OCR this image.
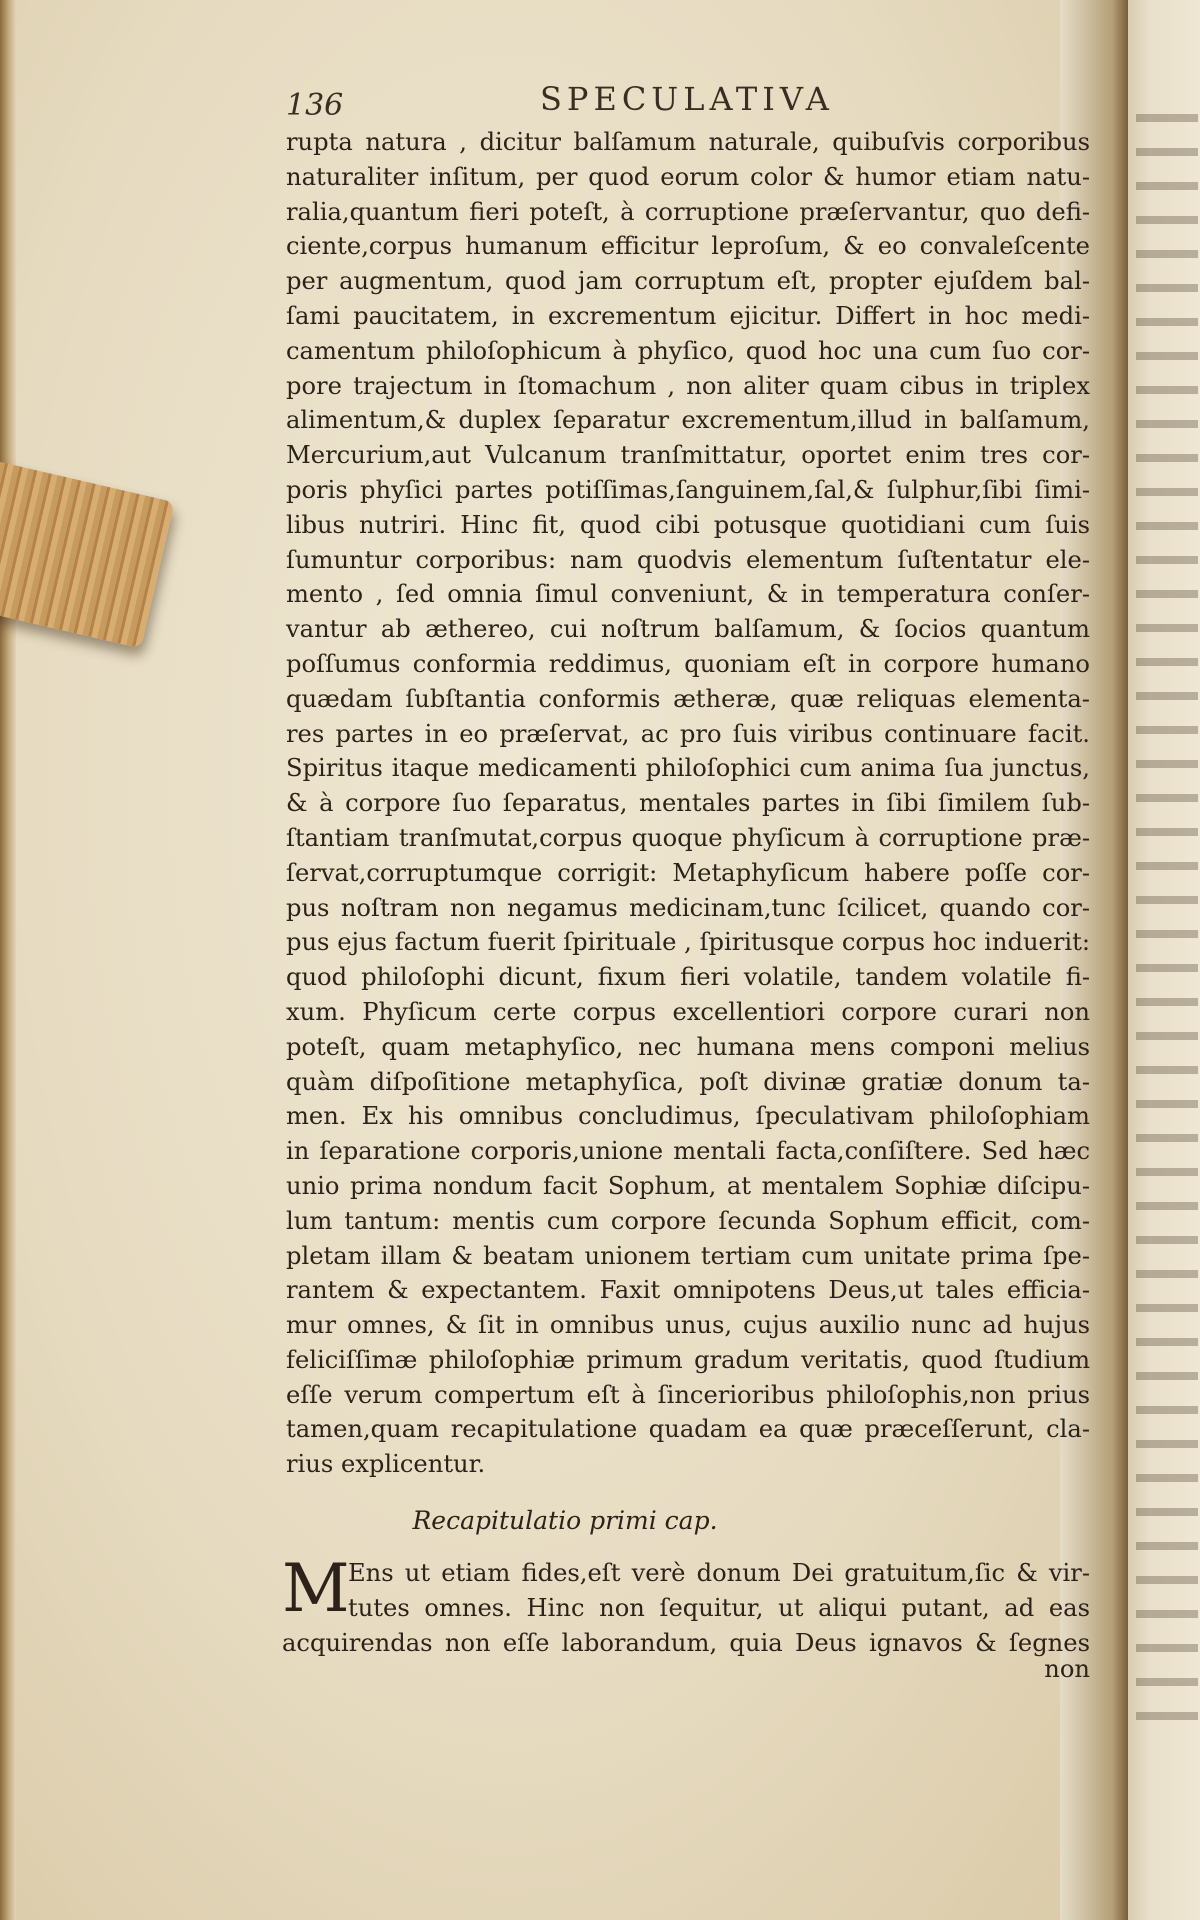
136	SPECULATIVA
rupta natura , dicitur balſamum naturale, quibuſvis corporibus
naturaliter inſitum, per quod eorum color & humor etiam natu-
ralia,quantum fieri poteſt, à corruptione præſervantur, quo defi-
ciente,corpus humanum efficitur leproſum, & eo convaleſcente
per augmentum, quod jam corruptum eſt, propter ejuſdem bal-
ſami paucitatem, in excrementum ejicitur. Differt in hoc medi-
camentum philoſophicum à phyſico, quod hoc una cum ſuo cor-
pore trajectum in ſtomachum , non aliter quam cibus in triplex
alimentum,& duplex ſeparatur excrementum,illud in balſamum,
Mercurium,aut Vulcanum tranſmittatur, oportet enim tres cor-
poris phyſici partes potiſſimas,ſanguinem,ſal,& ſulphur,ſibi ſimi-
libus nutriri. Hinc fit, quod cibi potusque quotidiani cum ſuis
ſumuntur corporibus: nam quodvis elementum ſuſtentatur ele-
mento , ſed omnia ſimul conveniunt, & in temperatura conſer-
vantur ab æthereo, cui noſtrum balſamum, & ſocios quantum
poſſumus conformia reddimus, quoniam eſt in corpore humano
quædam ſubſtantia conformis ætheræ, quæ reliquas elementa-
res partes in eo præſervat, ac pro ſuis viribus continuare facit.
Spiritus itaque medicamenti philoſophici cum anima ſua junctus,
& à corpore ſuo ſeparatus, mentales partes in ſibi ſimilem ſub-
ſtantiam tranſmutat,corpus quoque phyſicum à corruptione præ-
ſervat,corruptumque corrigit: Metaphyſicum habere poſſe cor-
pus noſtram non negamus medicinam,tunc ſcilicet, quando cor-
pus ejus factum fuerit ſpirituale , ſpiritusque corpus hoc induerit:
quod philoſophi dicunt, fixum fieri volatile, tandem volatile fi-
xum. Phyſicum certe corpus excellentiori corpore curari non
poteſt, quam metaphyſico, nec humana mens componi melius
quàm diſpoſitione metaphyſica, poſt divinæ gratiæ donum ta-
men. Ex his omnibus concludimus, ſpeculativam philoſophiam
in ſeparatione corporis,unione mentali facta,conſiſtere. Sed hæc
unio prima nondum facit Sophum, at mentalem Sophiæ diſcipu-
lum tantum: mentis cum corpore ſecunda Sophum efficit, com-
pletam illam & beatam unionem tertiam cum unitate prima ſpe-
rantem & expectantem. Faxit omnipotens Deus,ut tales efficia-
mur omnes, & ſit in omnibus unus, cujus auxilio nunc ad hujus
feliciſſimæ philoſophiæ primum gradum veritatis, quod ſtudium
eſſe verum compertum eſt à ſincerioribus philoſophis,non prius
tamen,quam recapitulatione quadam ea quæ præceſſerunt, cla-
rius explicentur.
Recapitulatio primi cap.
M
Ens ut etiam fides,eſt verè donum Dei gratuitum,ſic & vir-
tutes omnes. Hinc non ſequitur, ut aliqui putant, ad eas
acquirendas non eſſe laborandum, quia Deus ignavos & ſegnes
non
